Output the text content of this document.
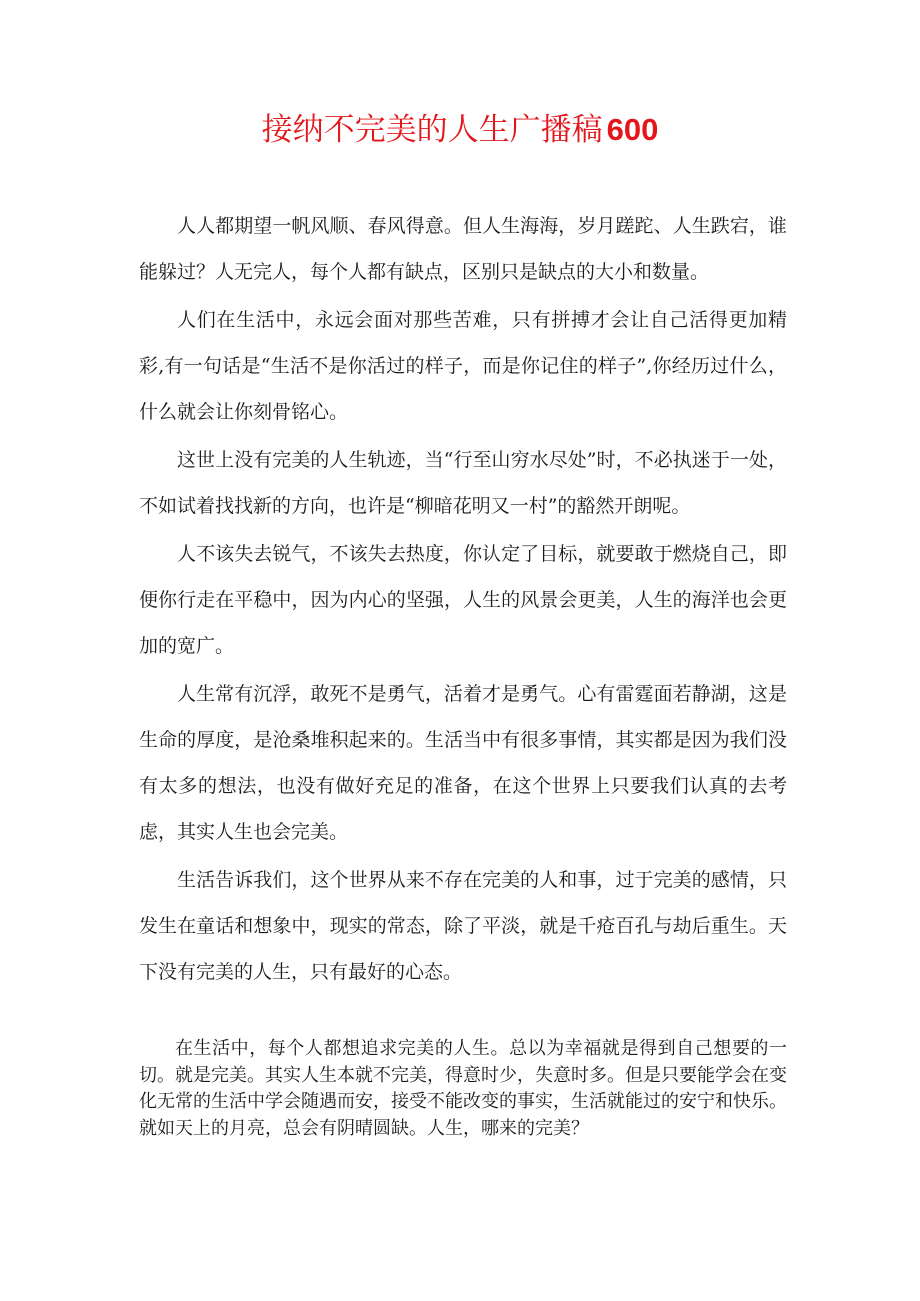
接纳不完美的人生广播稿 600

人人都期望一帆风顺、春风得意。但人生海海，岁月蹉跎、人生跌宕，谁能躲过？人无完人，每个人都有缺点，区别只是缺点的大小和数量。

人们在生活中，永远会面对那些苦难，只有拼搏才会让自己活得更加精彩,有一句话是“生活不是你活过的样子，而是你记住的样子”,你经历过什么，什么就会让你刻骨铭心。

这世上没有完美的人生轨迹，当“行至山穷水尽处”时，不必执迷于一处，不如试着找找新的方向，也许是“柳暗花明又一村”的豁然开朗呢。

人不该失去锐气，不该失去热度，你认定了目标，就要敢于燃烧自己，即便你行走在平稳中，因为内心的坚强，人生的风景会更美，人生的海洋也会更加的宽广。

人生常有沉浮，敢死不是勇气，活着才是勇气。心有雷霆面若静湖，这是生命的厚度，是沧桑堆积起来的。生活当中有很多事情，其实都是因为我们没有太多的想法，也没有做好充足的准备，在这个世界上只要我们认真的去考虑，其实人生也会完美。

生活告诉我们，这个世界从来不存在完美的人和事，过于完美的感情，只发生在童话和想象中，现实的常态，除了平淡，就是千疮百孔与劫后重生。天下没有完美的人生，只有最好的心态。

在生活中，每个人都想追求完美的人生。总以为幸福就是得到自己想要的一切。就是完美。其实人生本就不完美，得意时少，失意时多。但是只要能学会在变化无常的生活中学会随遇而安，接受不能改变的事实，生活就能过的安宁和快乐。就如天上的月亮，总会有阴晴圆缺。人生，哪来的完美？
